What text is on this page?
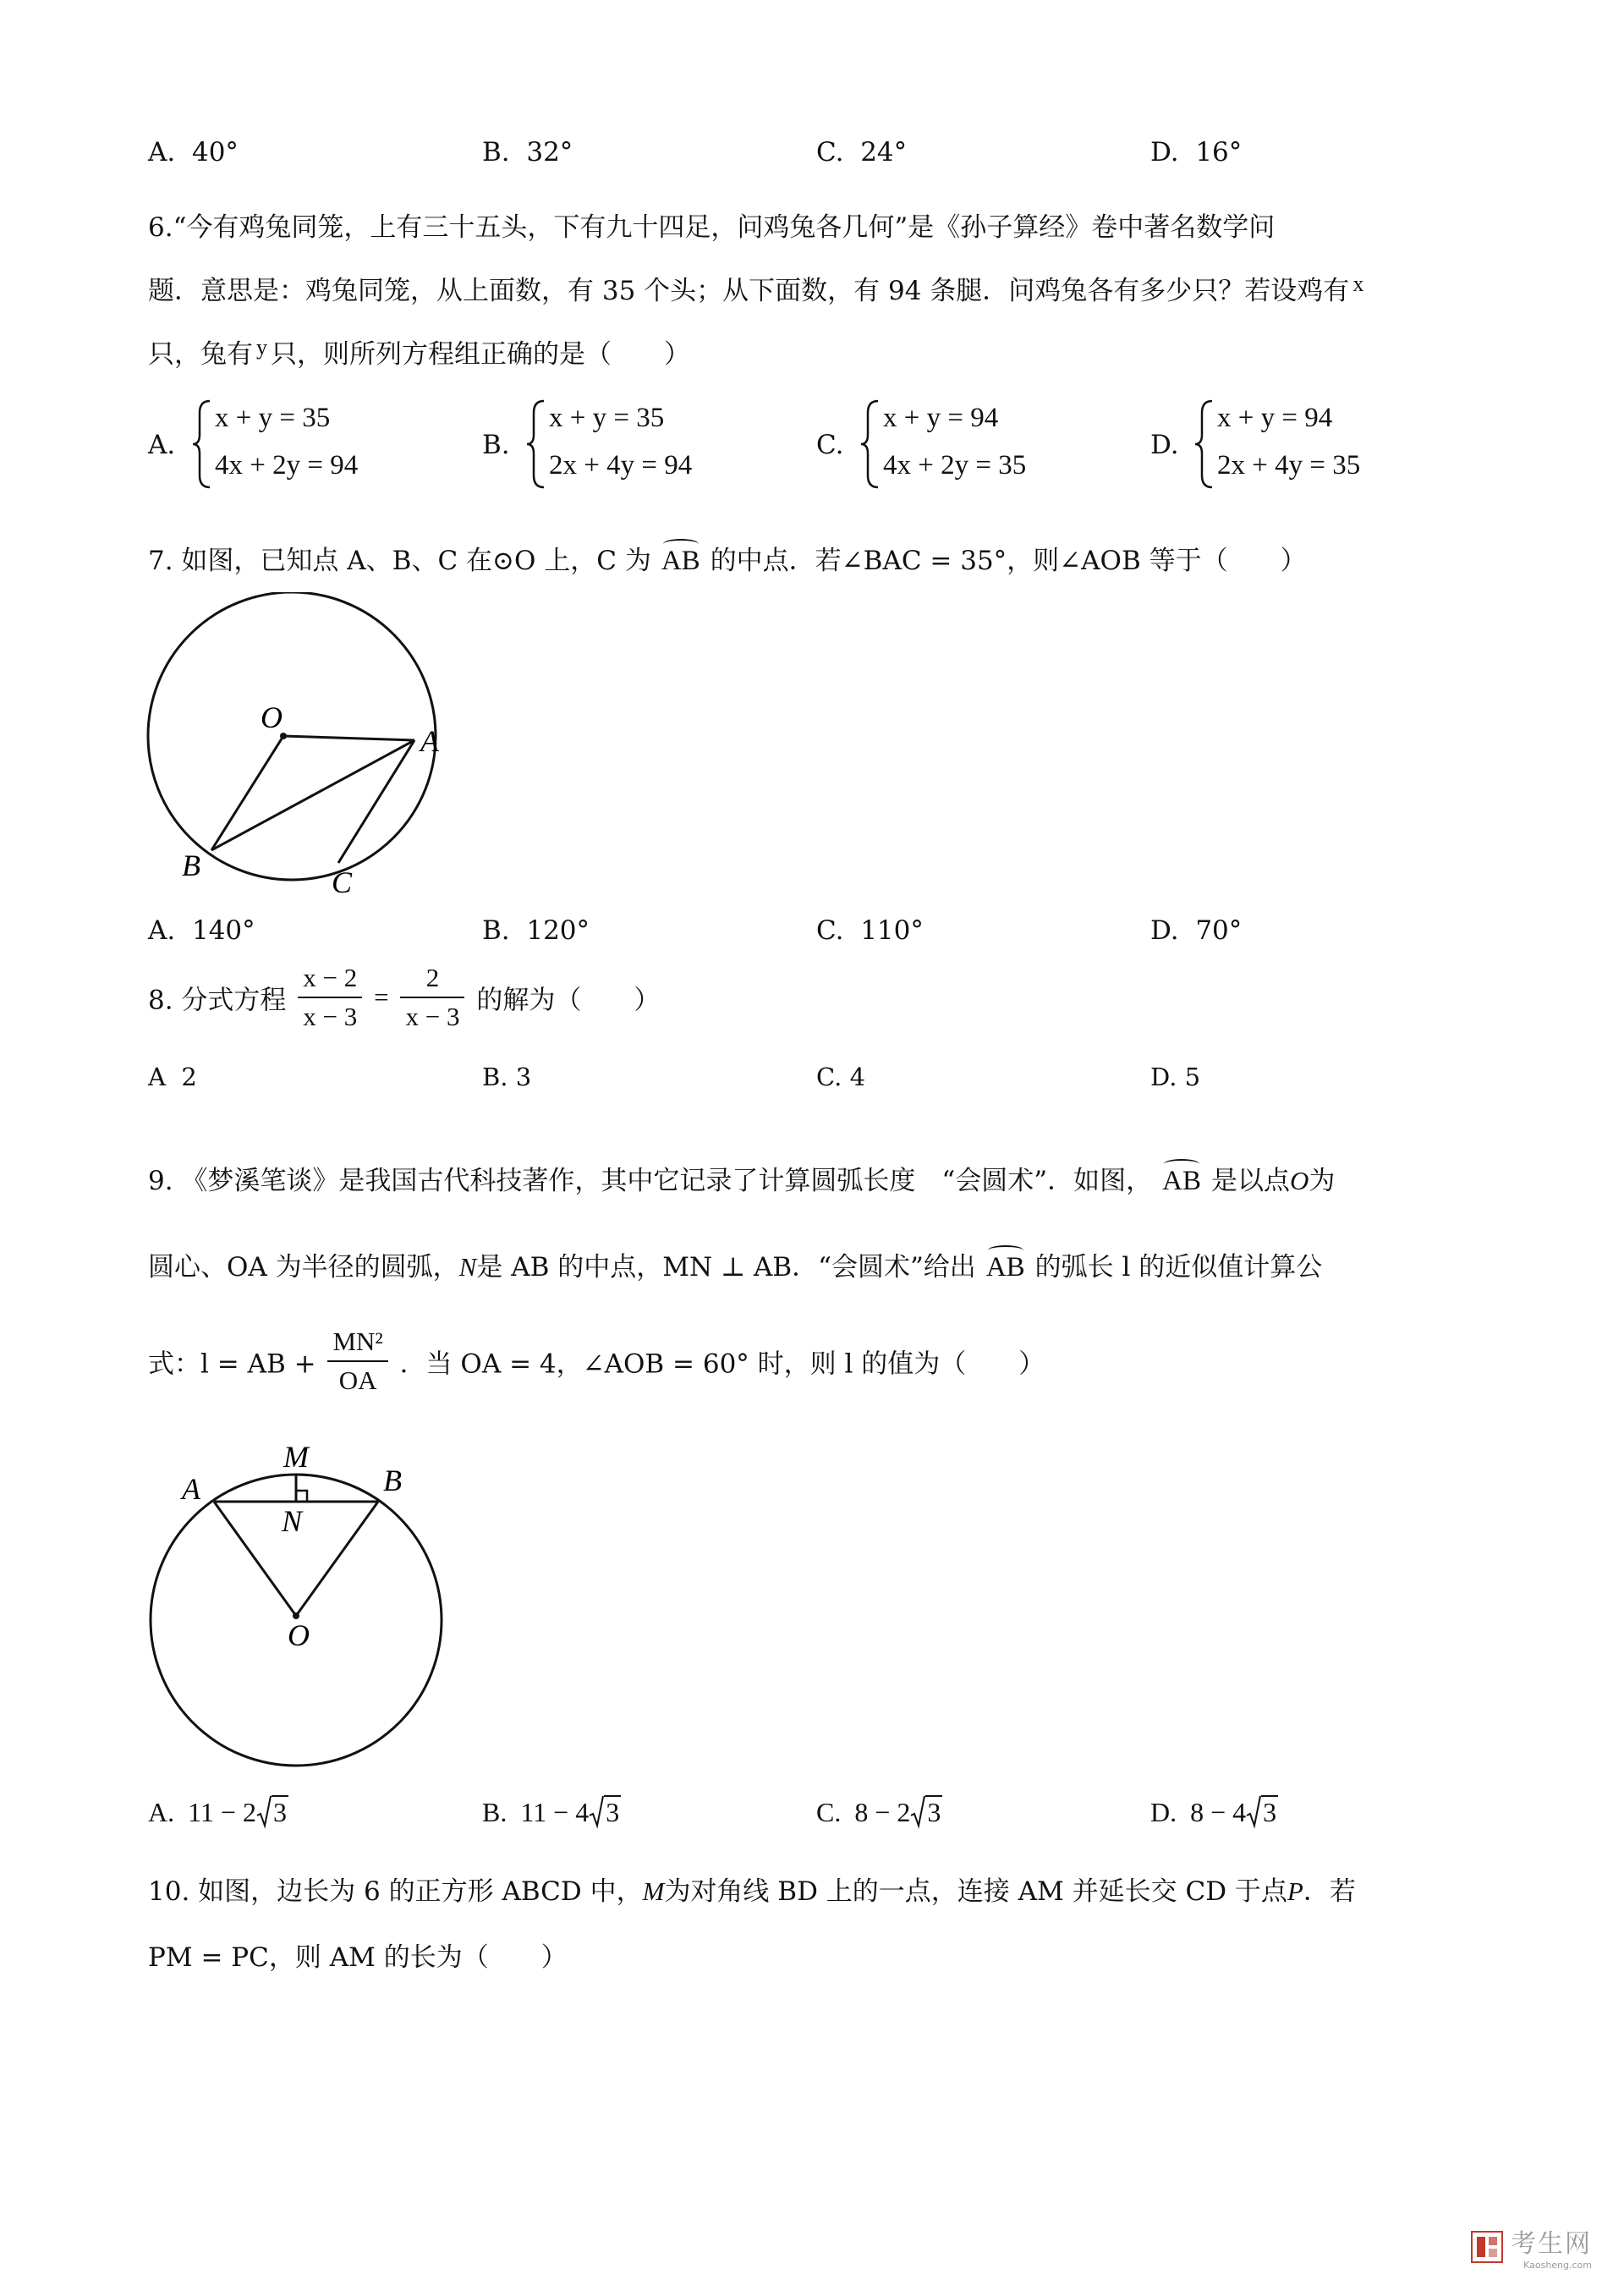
A. 40°	B. 32°	C. 24°	D. 16°
6.“今有鸡兔同笼，上有三十五头，下有九十四足，问鸡兔各几何”是《孙子算经》卷中著名数学问
题．意思是：鸡兔同笼，从上面数，有 35 个头；从下面数，有 94 条腿．问鸡兔各有多少只？若设鸡有 $^x$
只，兔有 $^y$ 只，则所列方程组正确的是（　　）
A.
x + y = 35
4x + 2y = 94
B.
x + y = 35
2x + 4y = 94
C.
x + y = 94
4x + 2y = 35
D.
x + y = 94
2x + 4y = 35
7. 如图，已知点 A、B、C 在⊙O 上，C 为 AB 的中点．若∠BAC = 35°，则∠AOB 等于（　　）
O
A
B	C
A. 140°	B. 120°	C. 110°	D. 70°
8. 分式方程 $\frac{x - 2}{x - 3} = \frac{2}{x - 3}$ 的解为（　　）
A 2	B. 3	C. 4	D. 5
9. 《梦溪笔谈》是我国古代科技著作，其中它记录了计算圆弧长度　“会圆术”．如图， AB 是以点O为
圆心、OA 为半径的圆弧，N是 AB 的中点，MN ⊥ AB．“会圆术”给出 AB 的弧长 l 的近似值计算公
式：l = AB + $\frac{\text{MN²}}{OA}$ ．当 OA = 4，∠AOB = 60° 时，则 l 的值为（　　）
M
A	B
N
O
A. 11 − 2 3	B. 11 − 4 3	C. 8 − 2 3	D. 8 − 4 3
10. 如图，边长为 6 的正方形 ABCD 中，M为对角线 BD 上的一点，连接 AM 并延长交 CD 于点P．若
PM = PC，则 AM 的长为（　　）
考生网
Kaosheng.com
